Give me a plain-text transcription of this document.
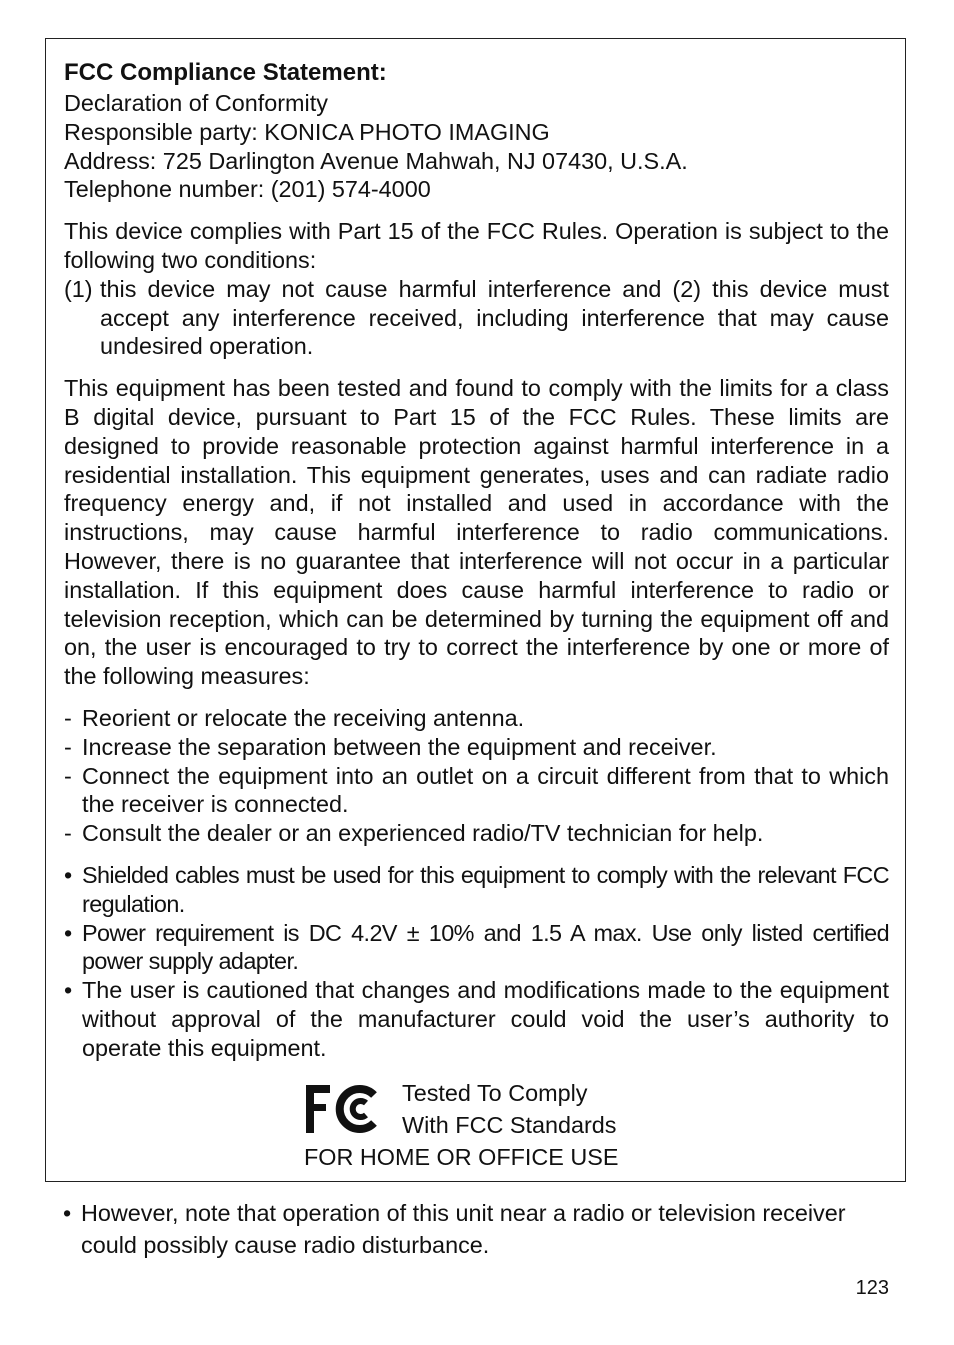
FCC Compliance Statement:

Declaration of Conformity

Responsible party: KONICA PHOTO IMAGING

Address: 725 Darlington Avenue Mahwah, NJ 07430, U.S.A.

Telephone number: (201) 574-4000

This device complies with Part 15 of the FCC Rules. Operation is subject to the following two conditions:

(1) this device may not cause harmful interference and (2) this device must accept any interference received, including interference that may cause undesired operation.

This equipment has been tested and found to comply with the limits for a class B digital device, pursuant to Part 15 of the FCC Rules. These limits are designed to provide reasonable protection against harmful interference in a residential installation. This equipment generates, uses and can radiate radio frequency energy and, if not installed and used in accordance with the instructions, may cause harmful interference to radio communications. However, there is no guarantee that interference will not occur in a particular installation. If this equipment does cause harmful interference to radio or television reception, which can be determined by turning the equipment off and on, the user is encouraged to try to correct the interference by one or more of the following measures:

- Reorient or relocate the receiving antenna.
- Increase the separation between the equipment and receiver.
- Connect the equipment into an outlet on a circuit different from that to which the receiver is connected.
- Consult the dealer or an experienced radio/TV technician for help.
• Shielded cables must be used for this equipment to comply with the relevant FCC regulation.
• Power requirement is DC 4.2V ± 10% and 1.5 A max. Use only listed certified power supply adapter.
• The user is cautioned that changes and modifications made to the equipment without approval of the manufacturer could void the user’s authority to operate this equipment.
Tested To Comply
With FCC Standards
FOR HOME OR OFFICE USE
• However, note that operation of this unit near a radio or television receiver could possibly cause radio disturbance.
123
